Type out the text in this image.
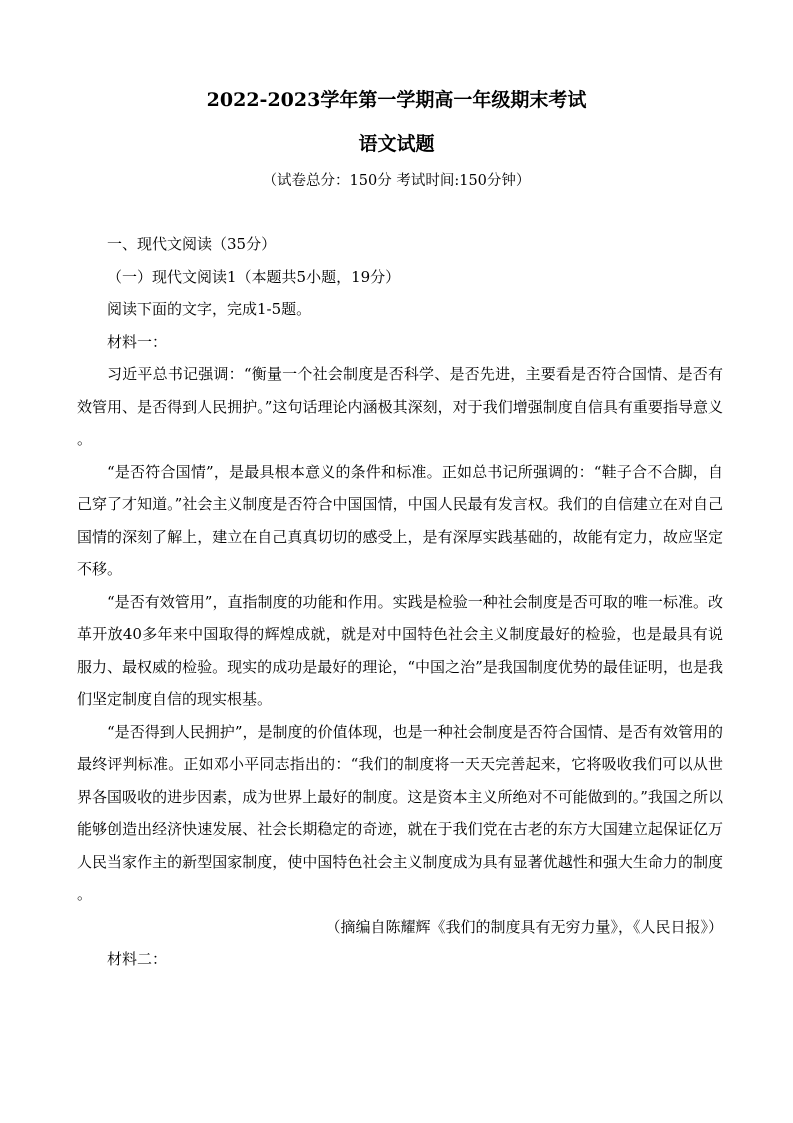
2022-2023学年第一学期高一年级期末考试
语文试题
（试卷总分：150分 考试时间:150分钟）

一、现代文阅读（35分）

（一）现代文阅读1（本题共5小题，19分）

阅读下面的文字，完成1-5题。

材料一：

习近平总书记强调：“衡量一个社会制度是否科学、是否先进，主要看是否符合国情、是否有效管用、是否得到人民拥护。”这句话理论内涵极其深刻，对于我们增强制度自信具有重要指导意义。

“是否符合国情”，是最具根本意义的条件和标准。正如总书记所强调的：“鞋子合不合脚，自己穿了才知道。”社会主义制度是否符合中国国情，中国人民最有发言权。我们的自信建立在对自己国情的深刻了解上，建立在自己真真切切的感受上，是有深厚实践基础的，故能有定力，故应坚定不移。

“是否有效管用”，直指制度的功能和作用。实践是检验一种社会制度是否可取的唯一标准。改革开放40多年来中国取得的辉煌成就，就是对中国特色社会主义制度最好的检验，也是最具有说服力、最权威的检验。现实的成功是最好的理论，“中国之治”是我国制度优势的最佳证明，也是我们坚定制度自信的现实根基。

“是否得到人民拥护”，是制度的价值体现，也是一种社会制度是否符合国情、是否有效管用的最终评判标准。正如邓小平同志指出的：“我们的制度将一天天完善起来，它将吸收我们可以从世界各国吸收的进步因素，成为世界上最好的制度。这是资本主义所绝对不可能做到的。”我国之所以能够创造出经济快速发展、社会长期稳定的奇迹，就在于我们党在古老的东方大国建立起保证亿万人民当家作主的新型国家制度，使中国特色社会主义制度成为具有显著优越性和强大生命力的制度。

（摘编自陈耀辉《我们的制度具有无穷力量》，《人民日报》）

材料二：
